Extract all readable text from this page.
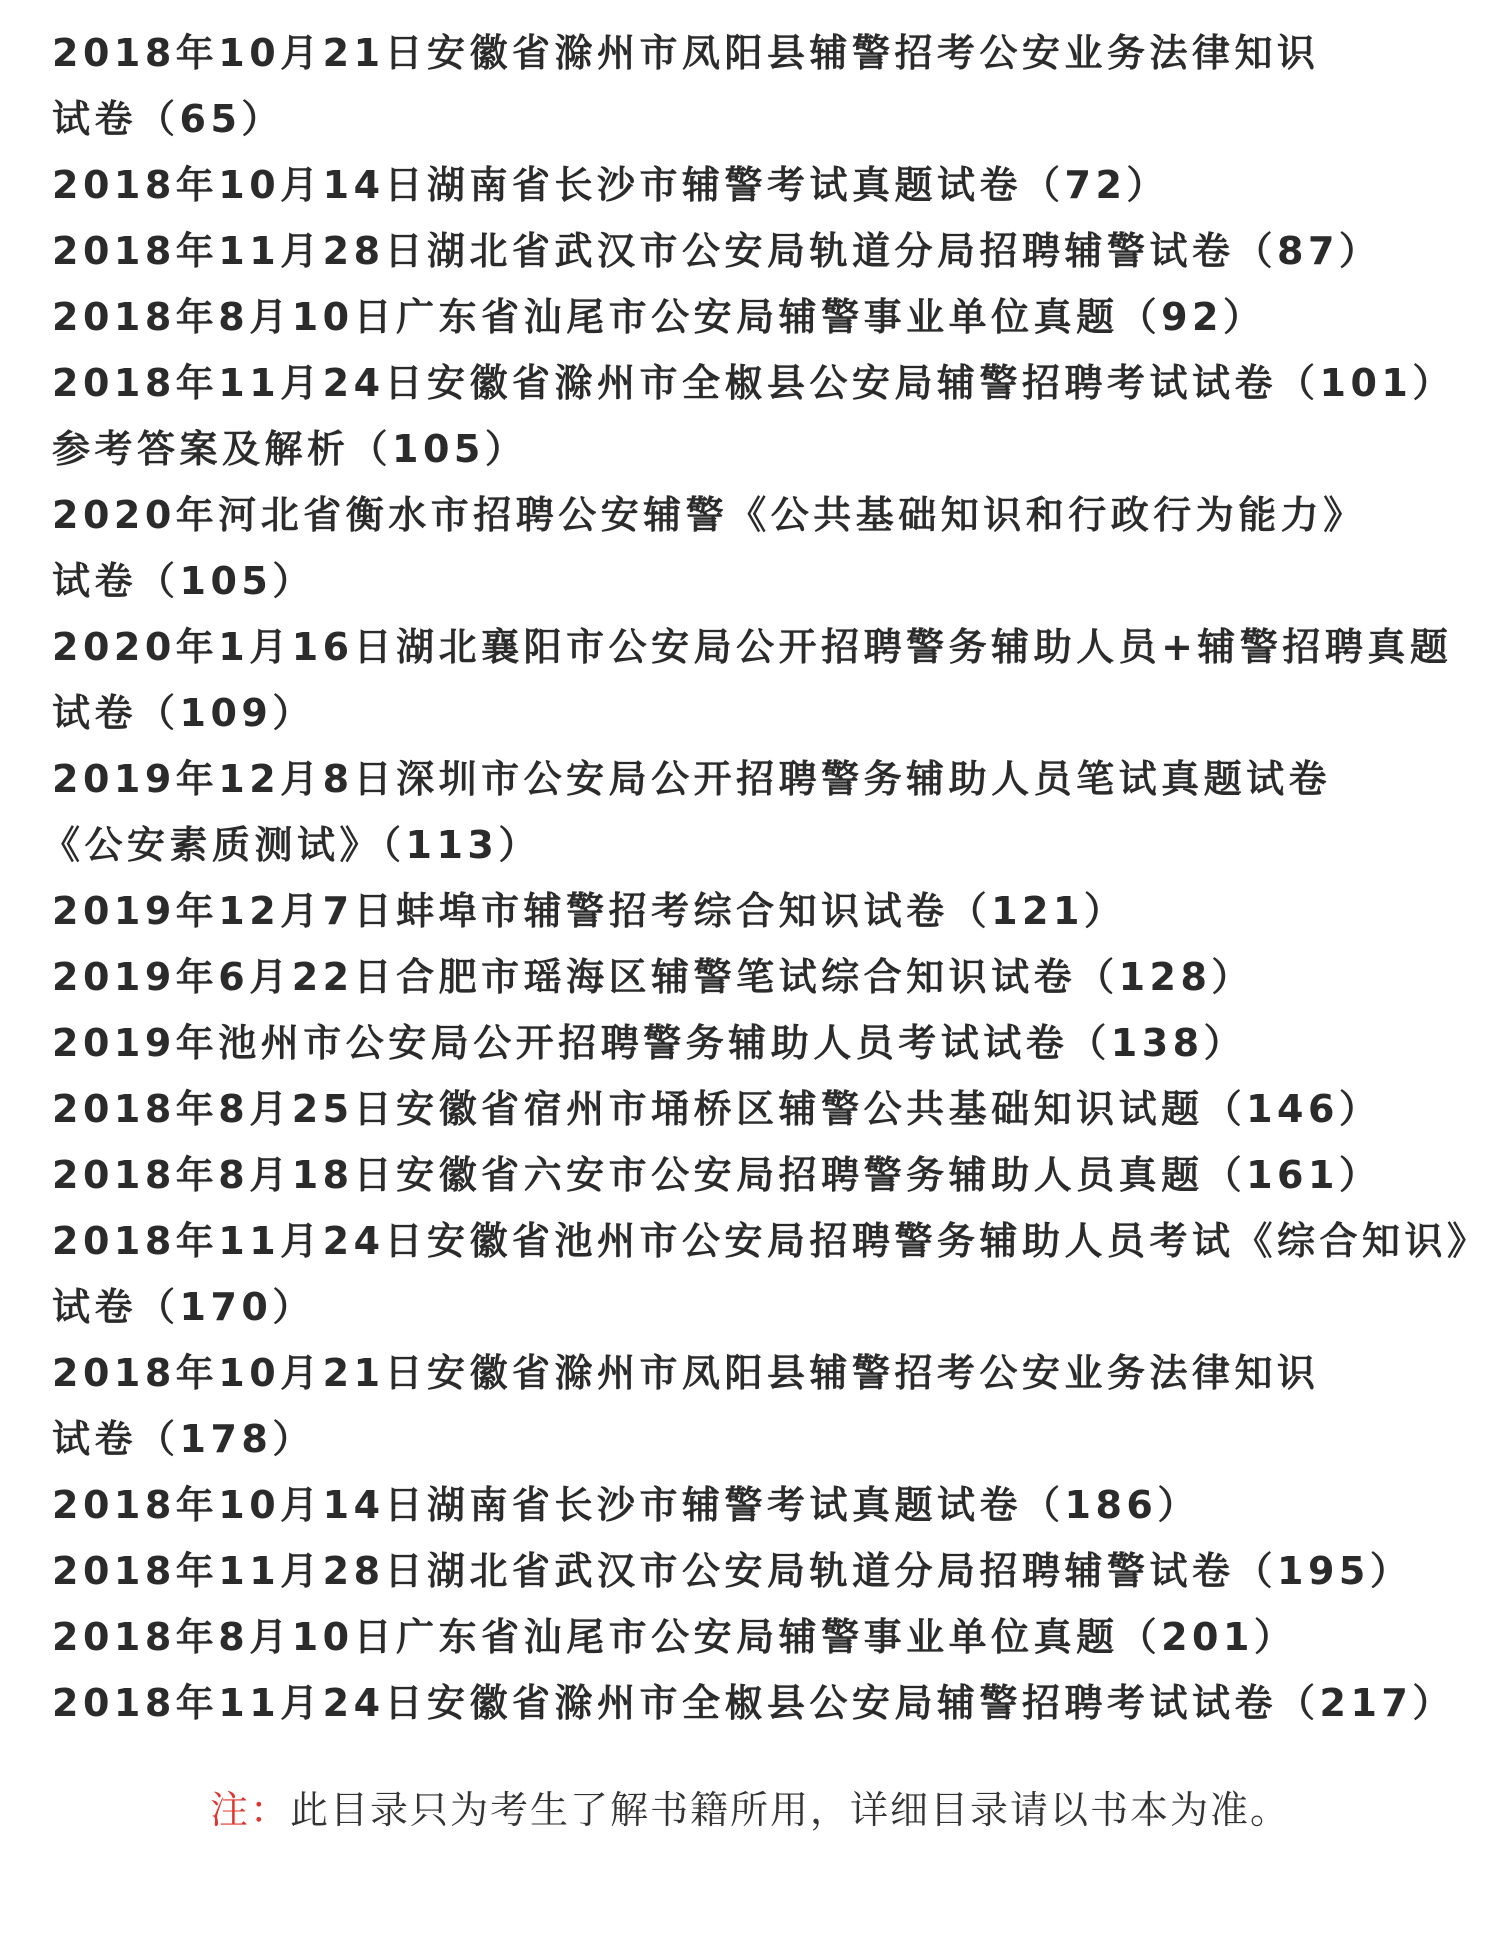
2018年10月21日安徽省滁州市凤阳县辅警招考公安业务法律知识
试卷（65）
2018年10月14日湖南省长沙市辅警考试真题试卷（72）
2018年11月28日湖北省武汉市公安局轨道分局招聘辅警试卷（87）
2018年8月10日广东省汕尾市公安局辅警事业单位真题（92）
2018年11月24日安徽省滁州市全椒县公安局辅警招聘考试试卷（101）
参考答案及解析（105）
2020年河北省衡水市招聘公安辅警《公共基础知识和行政行为能力》
试卷（105）
2020年1月16日湖北襄阳市公安局公开招聘警务辅助人员+辅警招聘真题
试卷（109）
2019年12月8日深圳市公安局公开招聘警务辅助人员笔试真题试卷
《公安素质测试》（113）
2019年12月7日蚌埠市辅警招考综合知识试卷（121）
2019年6月22日合肥市瑶海区辅警笔试综合知识试卷（128）
2019年池州市公安局公开招聘警务辅助人员考试试卷（138）
2018年8月25日安徽省宿州市埇桥区辅警公共基础知识试题（146）
2018年8月18日安徽省六安市公安局招聘警务辅助人员真题（161）
2018年11月24日安徽省池州市公安局招聘警务辅助人员考试《综合知识》
试卷（170）
2018年10月21日安徽省滁州市凤阳县辅警招考公安业务法律知识
试卷（178）
2018年10月14日湖南省长沙市辅警考试真题试卷（186）
2018年11月28日湖北省武汉市公安局轨道分局招聘辅警试卷（195）
2018年8月10日广东省汕尾市公安局辅警事业单位真题（201）
2018年11月24日安徽省滁州市全椒县公安局辅警招聘考试试卷（217）
注：此目录只为考生了解书籍所用，详细目录请以书本为准。
